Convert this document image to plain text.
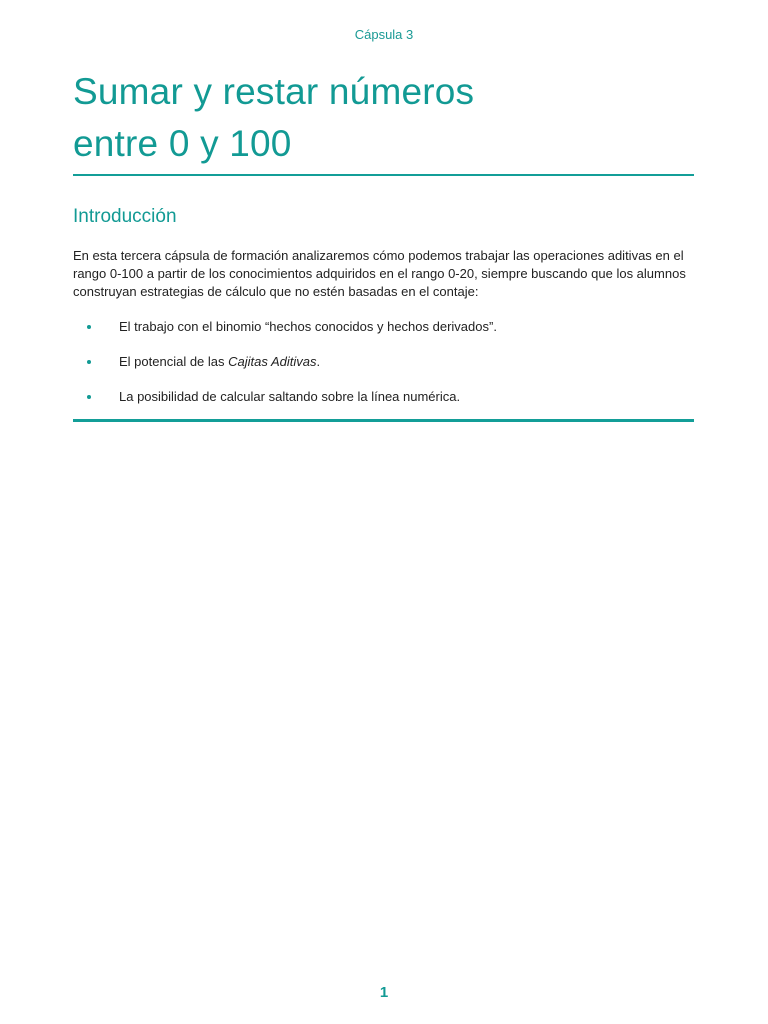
Cápsula 3
Sumar y restar números
entre 0 y 100
Introducción

En esta tercera cápsula de formación analizaremos cómo podemos trabajar las operaciones aditivas en el rango 0-100 a partir de los conocimientos adquiridos en el rango 0-20, siempre buscando que los alumnos construyan estrategias de cálculo que no estén basadas en el contaje:

El trabajo con el binomio “hechos conocidos y hechos derivados”.
El potencial de las Cajitas Aditivas.
La posibilidad de calcular saltando sobre la línea numérica.
1
